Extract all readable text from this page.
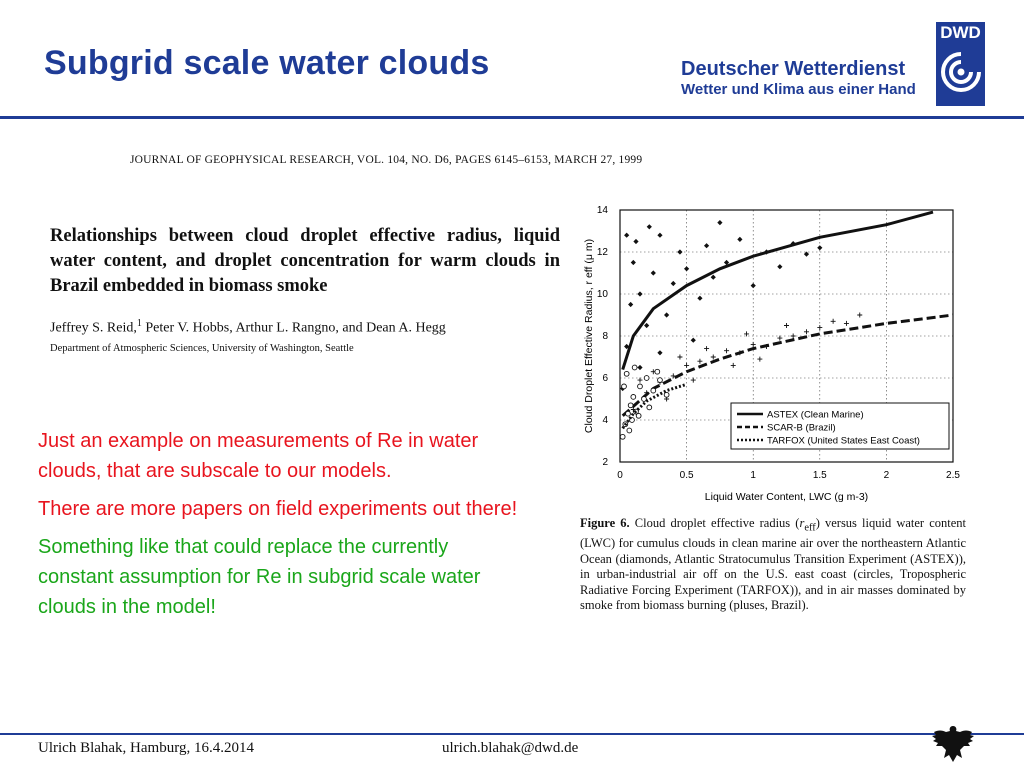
Subgrid scale water clouds	Deutscher Wetterdienst
Wetter und Klima aus einer Hand
DWD
JOURNAL OF GEOPHYSICAL RESEARCH, VOL. 104, NO. D6, PAGES 6145–6153, MARCH 27, 1999
Relationships between cloud droplet effective radius, liquid water content, and droplet concentration for warm clouds in Brazil embedded in biomass smoke
Jeffrey S. Reid,$^1$ Peter V. Hobbs, Arthur L. Rangno, and Dean A. Hegg
Department of Atmospheric Sciences, University of Washington, Seattle

Just an example on measurements of Re in water clouds, that are subscale to our models.

There are more papers on field experiments out there!

Something like that could replace the currently constant assumption for Re in subgrid scale water clouds in the model!

0	0.5	1	1.5	2	2.5
2
4
6
8
10
12
14
ASTEX (Clean Marine)
SCAR-B (Brazil)
TARFOX (United States East Coast)
Liquid Water Content, LWC (g m-3)
Cloud Droplet Effective Radius, r eff (μ m)
Figure 6. Cloud droplet effective radius $(r_{eff})$ versus liquid water content (LWC) for cumulus clouds in clean marine air over the northeastern Atlantic Ocean (diamonds, Atlantic Stratocumulus Transition Experiment (ASTEX)), in urban-industrial air off on the U.S. east coast (circles, Tropospheric Radiative Forcing Experiment (TARFOX)), and in air masses dominated by smoke from biomass burning (pluses, Brazil).
Ulrich Blahak, Hamburg, 16.4.2014	ulrich.blahak@dwd.de
